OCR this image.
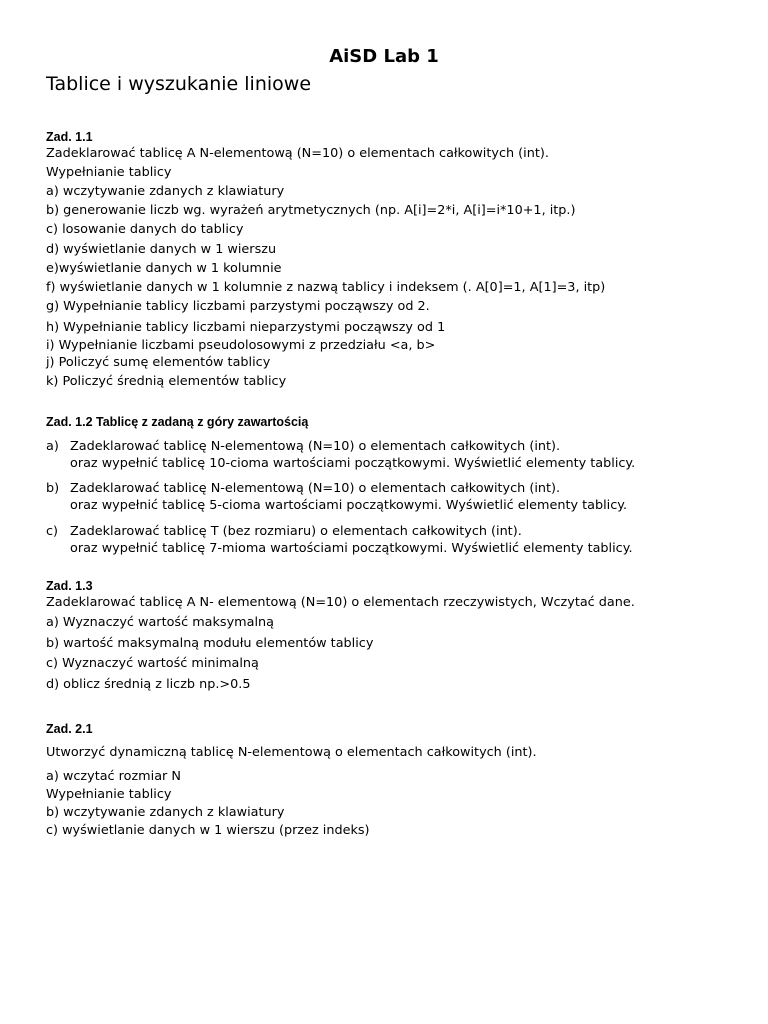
AiSD Lab 1
Tablice i wyszukanie liniowe
Zad. 1.1
Zadeklarować tablicę A N-elementową (N=10) o elementach całkowitych (int).
Wypełnianie tablicy
a) wczytywanie zdanych z klawiatury
b) generowanie liczb wg. wyrażeń arytmetycznych (np. A[i]=2*i, A[i]=i*10+1, itp.)
c) losowanie danych do tablicy
d) wyświetlanie danych w 1 wierszu
e)wyświetlanie danych w 1 kolumnie
f) wyświetlanie danych w 1 kolumnie z nazwą tablicy i indeksem (. A[0]=1, A[1]=3, itp)
g) Wypełnianie tablicy liczbami parzystymi począwszy od 2.
h) Wypełnianie tablicy liczbami nieparzystymi począwszy od 1
i) Wypełnianie liczbami pseudolosowymi z przedziału <a, b>
j) Policzyć sumę elementów tablicy
k) Policzyć średnią elementów tablicy
Zad. 1.2 Tablicę z zadaną z góry zawartością
a) Zadeklarować tablicę N-elementową (N=10) o elementach całkowitych (int).
oraz wypełnić tablicę 10-cioma wartościami początkowymi. Wyświetlić elementy tablicy.
b) Zadeklarować tablicę N-elementową (N=10) o elementach całkowitych (int).
oraz wypełnić tablicę 5-cioma wartościami początkowymi. Wyświetlić elementy tablicy.
c) Zadeklarować tablicę T (bez rozmiaru) o elementach całkowitych (int).
oraz wypełnić tablicę 7-mioma wartościami początkowymi. Wyświetlić elementy tablicy.
Zad. 1.3
Zadeklarować tablicę A N- elementową (N=10) o elementach rzeczywistych, Wczytać dane.
a) Wyznaczyć wartość maksymalną
b) wartość maksymalną modułu elementów tablicy
c) Wyznaczyć wartość minimalną
d) oblicz średnią z liczb np.>0.5
Zad. 2.1
Utworzyć dynamiczną tablicę N-elementową o elementach całkowitych (int).
a) wczytać rozmiar N
Wypełnianie tablicy
b) wczytywanie zdanych z klawiatury
c) wyświetlanie danych w 1 wierszu (przez indeks)
